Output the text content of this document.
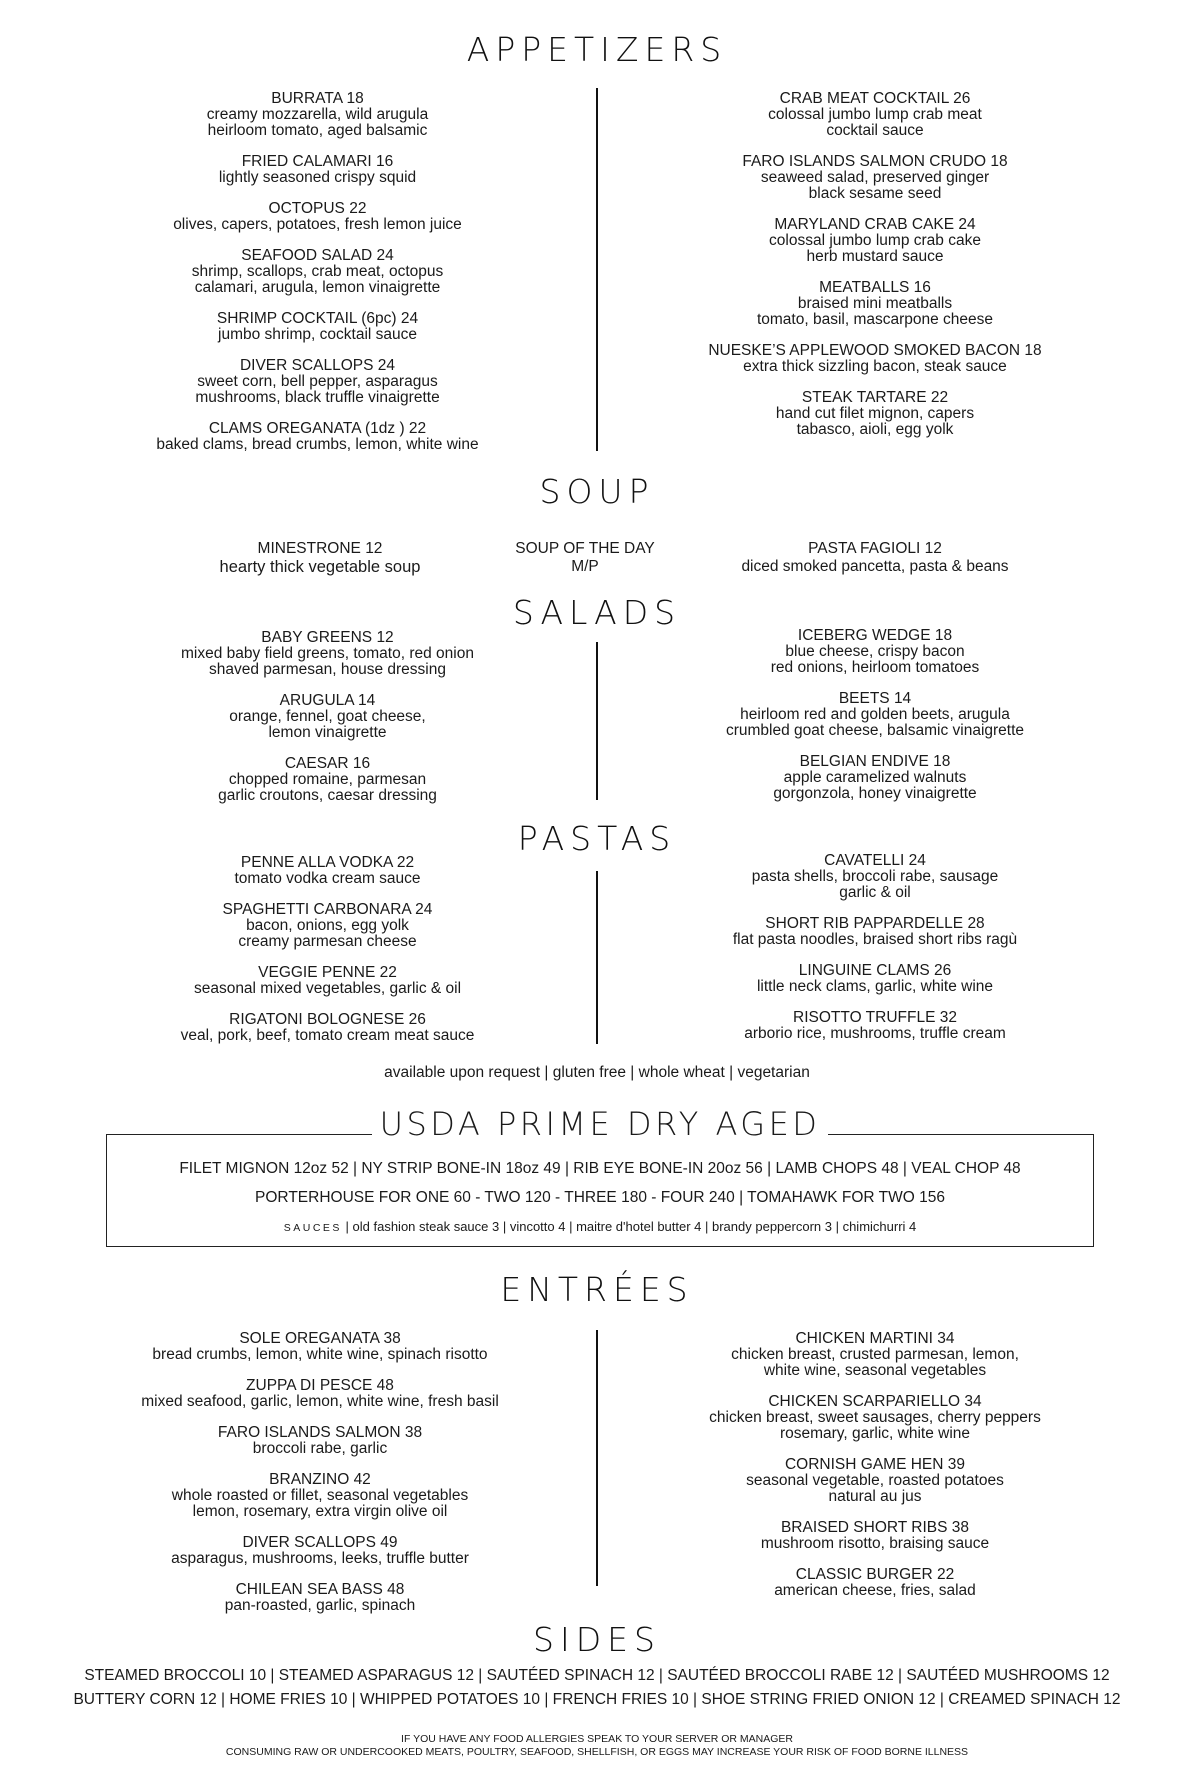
APPETIZERS
BURRATA 18
creamy mozzarella, wild arugula
heirloom tomato, aged balsamic
FRIED CALAMARI 16
lightly seasoned crispy squid
OCTOPUS 22
olives, capers, potatoes, fresh lemon juice
SEAFOOD SALAD 24
shrimp, scallops, crab meat, octopus
calamari, arugula, lemon vinaigrette
SHRIMP COCKTAIL (6pc) 24
jumbo shrimp, cocktail sauce
DIVER SCALLOPS 24
sweet corn, bell pepper, asparagus
mushrooms, black truffle vinaigrette
CLAMS OREGANATA (1dz ) 22
baked clams, bread crumbs, lemon, white wine
CRAB MEAT COCKTAIL 26
colossal jumbo lump crab meat
cocktail sauce
FARO ISLANDS SALMON CRUDO 18
seaweed salad, preserved ginger
black sesame seed
MARYLAND CRAB CAKE 24
colossal jumbo lump crab cake
herb mustard sauce
MEATBALLS 16
braised mini meatballs
tomato, basil, mascarpone cheese
NUESKE’S APPLEWOOD SMOKED BACON 18
extra thick sizzling bacon, steak sauce
STEAK TARTARE 22
hand cut filet mignon, capers
tabasco, aioli, egg yolk
SOUP
MINESTRONE 12
hearty thick vegetable soup
SOUP OF THE DAY
M/P
PASTA FAGIOLI 12
diced smoked pancetta, pasta & beans
SALADS
BABY GREENS 12
mixed baby field greens, tomato, red onion
shaved parmesan, house dressing
ARUGULA 14
orange, fennel, goat cheese,
lemon vinaigrette
CAESAR 16
chopped romaine, parmesan
garlic croutons, caesar dressing
ICEBERG WEDGE 18
blue cheese, crispy bacon
red onions, heirloom tomatoes
BEETS 14
heirloom red and golden beets, arugula
crumbled goat cheese, balsamic vinaigrette
BELGIAN ENDIVE 18
apple caramelized walnuts
gorgonzola, honey vinaigrette
PASTAS
PENNE ALLA VODKA 22
tomato vodka cream sauce
SPAGHETTI CARBONARA 24
bacon, onions, egg yolk
creamy parmesan cheese
VEGGIE PENNE 22
seasonal mixed vegetables, garlic & oil
RIGATONI BOLOGNESE 26
veal, pork, beef, tomato cream meat sauce
CAVATELLI 24
pasta shells, broccoli rabe, sausage
garlic & oil
SHORT RIB PAPPARDELLE 28
flat pasta noodles, braised short ribs ragù
LINGUINE CLAMS 26
little neck clams, garlic, white wine
RISOTTO TRUFFLE 32
arborio rice, mushrooms, truffle cream
available upon request | gluten free | whole wheat | vegetarian
USDA PRIME DRY AGED
FILET MIGNON 12oz 52 | NY STRIP BONE-IN 18oz 49 | RIB EYE BONE-IN 20oz 56 | LAMB CHOPS 48 | VEAL CHOP 48
PORTERHOUSE FOR ONE 60 - TWO 120 - THREE 180 - FOUR 240 | TOMAHAWK FOR TWO 156
SAUCES | old fashion steak sauce 3 | vincotto 4 | maitre d'hotel butter 4 | brandy peppercorn 3 | chimichurri 4
ENTRÉES
SOLE OREGANATA 38
bread crumbs, lemon, white wine, spinach risotto
ZUPPA DI PESCE 48
mixed seafood, garlic, lemon, white wine, fresh basil
FARO ISLANDS SALMON 38
broccoli rabe, garlic
BRANZINO 42
whole roasted or fillet, seasonal vegetables
lemon, rosemary, extra virgin olive oil
DIVER SCALLOPS 49
asparagus, mushrooms, leeks, truffle butter
CHILEAN SEA BASS 48
pan-roasted, garlic, spinach
CHICKEN MARTINI 34
chicken breast, crusted parmesan, lemon,
white wine, seasonal vegetables
CHICKEN SCARPARIELLO 34
chicken breast, sweet sausages, cherry peppers
rosemary, garlic, white wine
CORNISH GAME HEN 39
seasonal vegetable, roasted potatoes
natural au jus
BRAISED SHORT RIBS 38
mushroom risotto, braising sauce
CLASSIC BURGER 22
american cheese, fries, salad
SIDES
STEAMED BROCCOLI 10 | STEAMED ASPARAGUS 12 | SAUTÉED SPINACH 12 | SAUTÉED BROCCOLI RABE 12 | SAUTÉED MUSHROOMS 12
BUTTERY CORN 12 | HOME FRIES 10 | WHIPPED POTATOES 10 | FRENCH FRIES 10 | SHOE STRING FRIED ONION 12 | CREAMED SPINACH 12
IF YOU HAVE ANY FOOD ALLERGIES SPEAK TO YOUR SERVER OR MANAGER
CONSUMING RAW OR UNDERCOOKED MEATS, POULTRY, SEAFOOD, SHELLFISH, OR EGGS MAY INCREASE YOUR RISK OF FOOD BORNE ILLNESS
